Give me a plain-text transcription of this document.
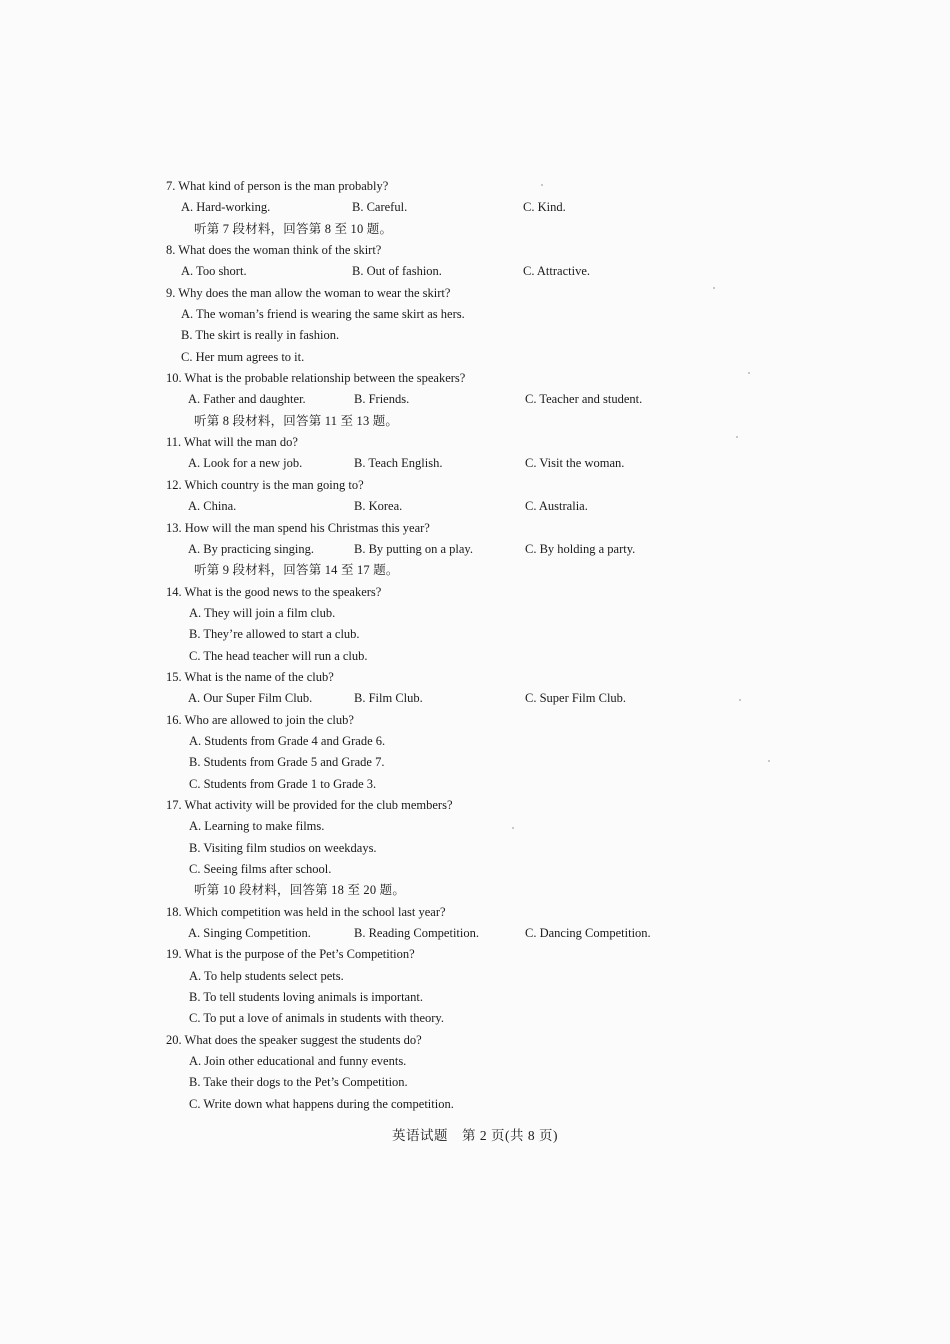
7. What kind of person is the man probably?
A. Hard-working.	B. Careful.	C. Kind.
听第 7 段材料，回答第 8 至 10 题。
8. What does the woman think of the skirt?
A. Too short.	B. Out of fashion.	C. Attractive.
9. Why does the man allow the woman to wear the skirt?
A. The woman’s friend is wearing the same skirt as hers.
B. The skirt is really in fashion.
C. Her mum agrees to it.
10. What is the probable relationship between the speakers?
A. Father and daughter.	B. Friends.	C. Teacher and student.
听第 8 段材料，回答第 11 至 13 题。
11. What will the man do?
A. Look for a new job.	B. Teach English.	C. Visit the woman.
12. Which country is the man going to?
A. China.	B. Korea.	C. Australia.
13. How will the man spend his Christmas this year?
A. By practicing singing.	B. By putting on a play.	C. By holding a party.
听第 9 段材料，回答第 14 至 17 题。
14. What is the good news to the speakers?
A. They will join a film club.
B. They’re allowed to start a club.
C. The head teacher will run a club.
15. What is the name of the club?
A. Our Super Film Club.	B. Film Club.	C. Super Film Club.
16. Who are allowed to join the club?
A. Students from Grade 4 and Grade 6.
B. Students from Grade 5 and Grade 7.
C. Students from Grade 1 to Grade 3.
17. What activity will be provided for the club members?
A. Learning to make films.
B. Visiting film studios on weekdays.
C. Seeing films after school.
听第 10 段材料，回答第 18 至 20 题。
18. Which competition was held in the school last year?
A. Singing Competition.	B. Reading Competition.	C. Dancing Competition.
19. What is the purpose of the Pet’s Competition?
A. To help students select pets.
B. To tell students loving animals is important.
C. To put a love of animals in students with theory.
20. What does the speaker suggest the students do?
A. Join other educational and funny events.
B. Take their dogs to the Pet’s Competition.
C. Write down what happens during the competition.
英语试题　第 2 页(共 8 页)
